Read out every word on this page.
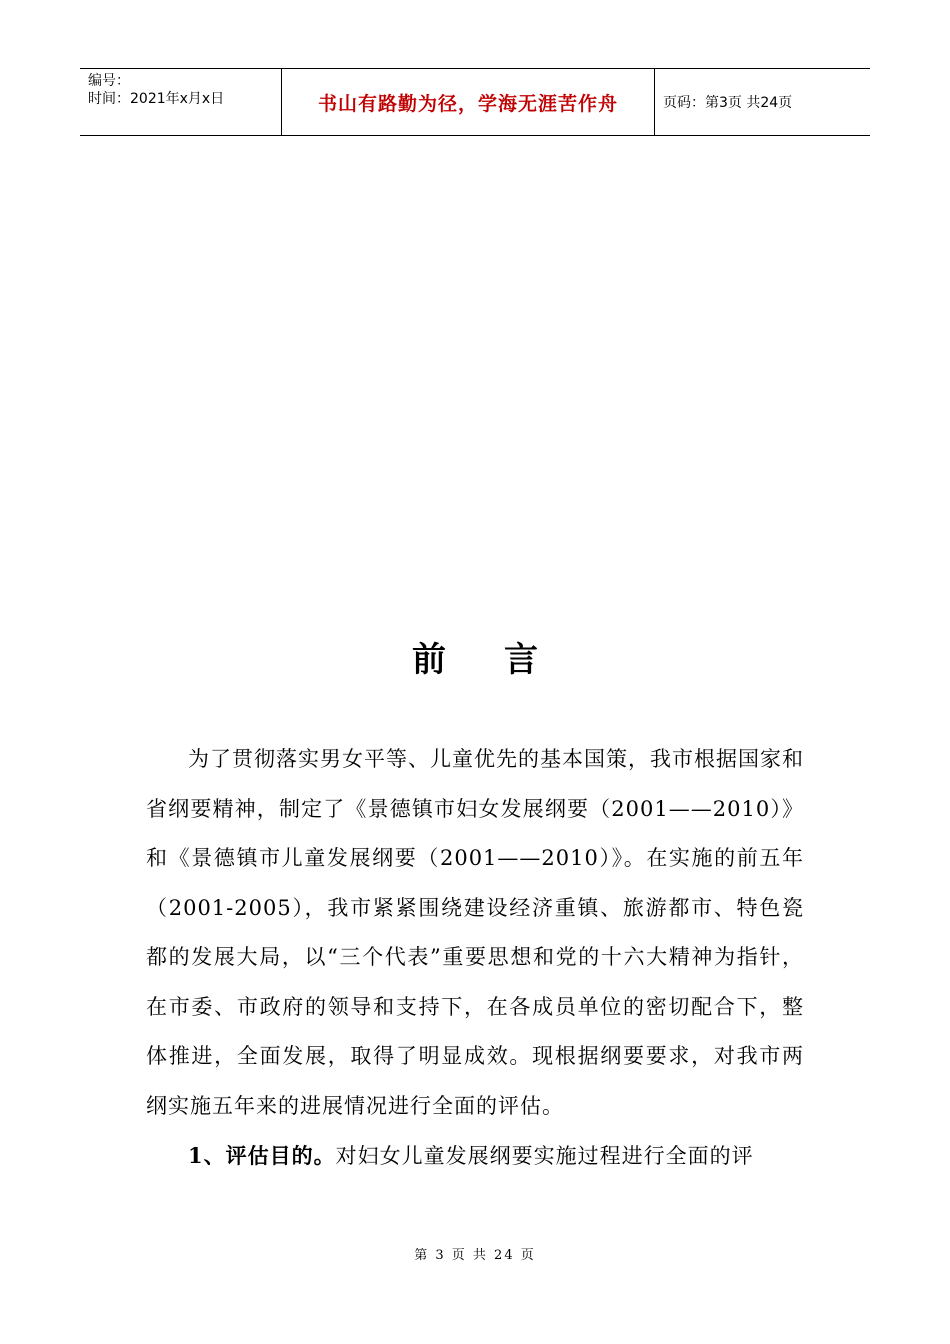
编号：
时间：2021年x月x日	书山有路勤为径，学海无涯苦作舟	页码：第3页 共24页
前 言

为了贯彻落实男女平等、儿童优先的基本国策，我市根据国家和省纲要精神，制定了《景德镇市妇女发展纲要（2001——2010）》和《景德镇市儿童发展纲要（2001——2010）》。在实施的前五年（2001-2005），我市紧紧围绕建设经济重镇、旅游都市、特色瓷都的发展大局，以“三个代表”重要思想和党的十六大精神为指针，在市委、市政府的领导和支持下，在各成员单位的密切配合下，整体推进，全面发展，取得了明显成效。现根据纲要要求，对我市两纲实施五年来的进展情况进行全面的评估。

1、评估目的。对妇女儿童发展纲要实施过程进行全面的评

第 3 页 共 24 页
